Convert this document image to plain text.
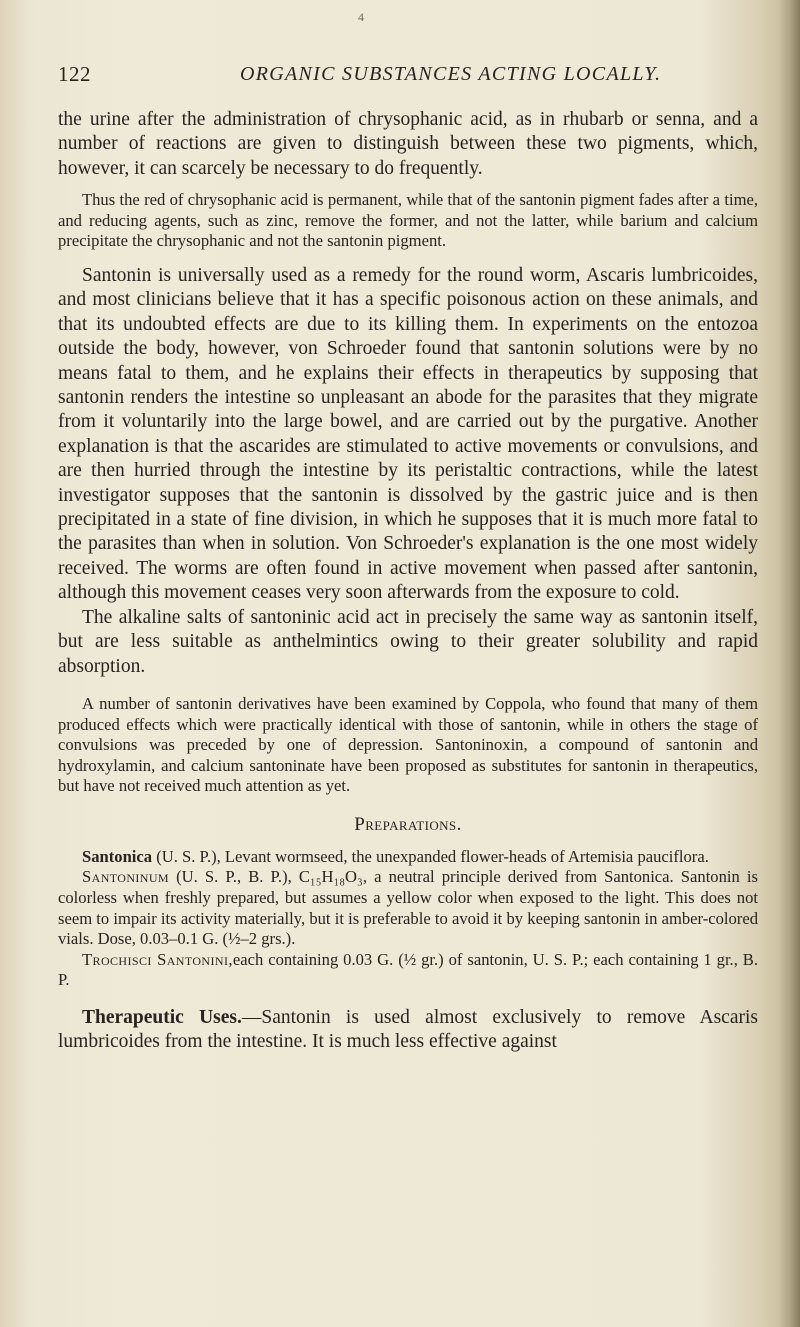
4
122	ORGANIC SUBSTANCES ACTING LOCALLY.

the urine after the administration of chrysophanic acid, as in rhubarb or senna, and a number of reactions are given to distinguish between these two pigments, which, however, it can scarcely be necessary to do frequently.

Thus the red of chrysophanic acid is permanent, while that of the santonin pigment fades after a time, and reducing agents, such as zinc, remove the former, and not the latter, while barium and calcium precipitate the chrysophanic and not the santonin pigment.

Santonin is universally used as a remedy for the round worm, Ascaris lumbricoides, and most clinicians believe that it has a specific poisonous action on these animals, and that its undoubted effects are due to its killing them. In experiments on the entozoa outside the body, however, von Schroeder found that santonin solutions were by no means fatal to them, and he explains their effects in therapeutics by supposing that santonin renders the intestine so unpleasant an abode for the parasites that they migrate from it voluntarily into the large bowel, and are carried out by the purgative. Another explanation is that the ascarides are stimulated to active movements or convulsions, and are then hurried through the intestine by its peristaltic contractions, while the latest investigator supposes that the santonin is dissolved by the gastric juice and is then precipitated in a state of fine division, in which he supposes that it is much more fatal to the parasites than when in solution. Von Schroeder's explanation is the one most widely received. The worms are often found in active movement when passed after santonin, although this movement ceases very soon afterwards from the exposure to cold.

The alkaline salts of santoninic acid act in precisely the same way as santonin itself, but are less suitable as anthelmintics owing to their greater solubility and rapid absorption.

A number of santonin derivatives have been examined by Coppola, who found that many of them produced effects which were practically identical with those of santonin, while in others the stage of convulsions was preceded by one of depression. Santoninoxin, a compound of santonin and hydroxylamin, and calcium santoninate have been proposed as substitutes for santonin in therapeutics, but have not received much attention as yet.

Preparations.

Santonica (U. S. P.), Levant wormseed, the unexpanded flower-heads of Artemisia pauciflora.

Santoninum (U. S. P., B. P.), C₁₅H₁₈O₃, a neutral principle derived from Santonica. Santonin is colorless when freshly prepared, but assumes a yellow color when exposed to the light. This does not seem to impair its activity materially, but it is preferable to avoid it by keeping santonin in amber-colored vials. Dose, 0.03–0.1 G. (½–2 grs.).

Trochisci Santonini,each containing 0.03 G. (½ gr.) of santonin, U. S. P.; each containing 1 gr., B. P.

Therapeutic Uses.—Santonin is used almost exclusively to remove Ascaris lumbricoides from the intestine. It is much less effective against
